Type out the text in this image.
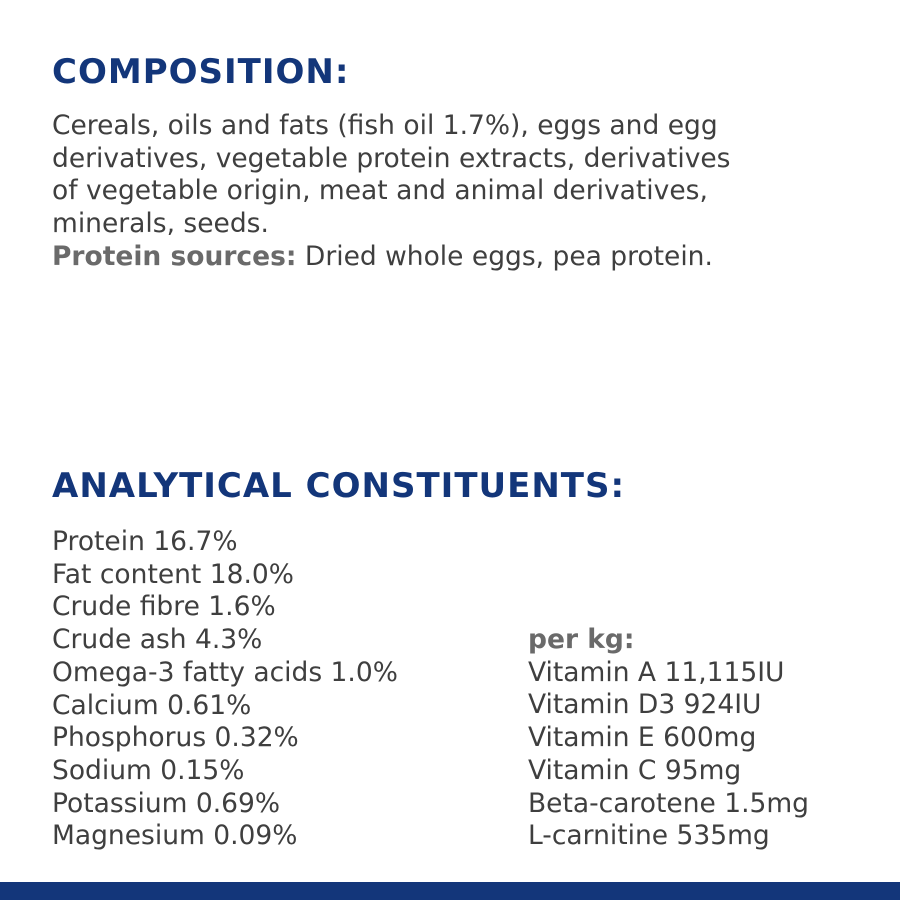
COMPOSITION:
Cereals, oils and fats (fish oil 1.7%), eggs and egg
derivatives, vegetable protein extracts, derivatives
of vegetable origin, meat and animal derivatives,
minerals, seeds.
Protein sources: Dried whole eggs, pea protein.
ANALYTICAL CONSTITUENTS:
Protein 16.7%
Fat content 18.0%
Crude fibre 1.6%
Crude ash 4.3%
Omega-3 fatty acids 1.0%
Calcium 0.61%
Phosphorus 0.32%
Sodium 0.15%
Potassium 0.69%
Magnesium 0.09%
per kg:
Vitamin A 11,115IU
Vitamin D3 924IU
Vitamin E 600mg
Vitamin C 95mg
Beta-carotene 1.5mg
L-carnitine 535mg
